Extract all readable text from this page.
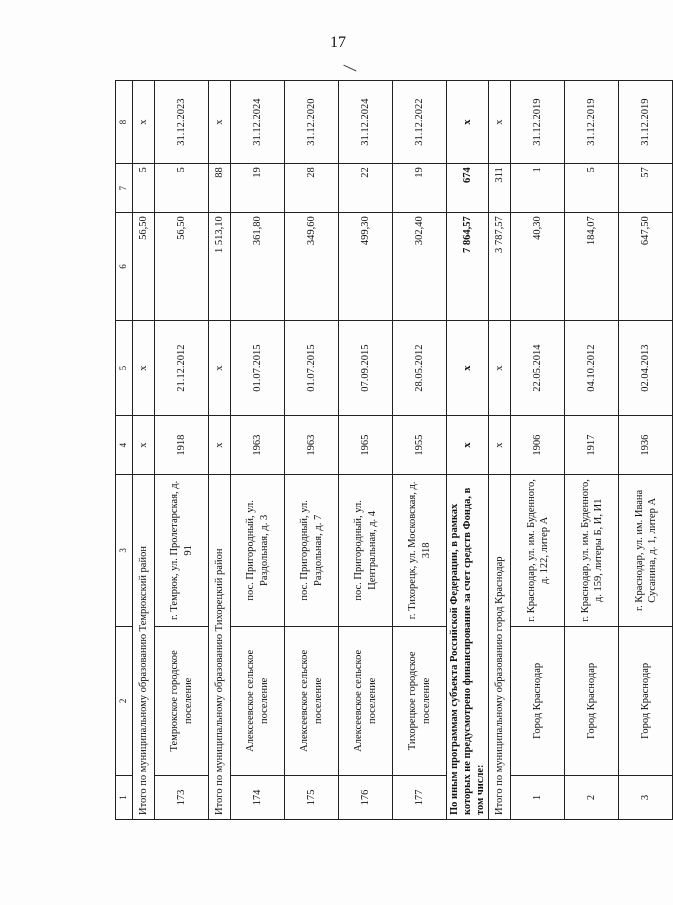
17
1	2	3	4	5	6	7	8
Итого по муниципальному образованию Темрюкский район			x	x	56,50	5	x
173	Темрюкское городское поселение	г. Темрюк, ул. Пролетарская, д. 91	1918	21.12.2012	56,50	5	31.12.2023
Итого по муниципальному образованию Тихорецкий район			x	x	1 513,10	88	x
174	Алексеевское сельское поселение	пос. Пригородный, ул. Раздольная, д. 3	1963	01.07.2015	361,80	19	31.12.2024
175	Алексеевское сельское поселение	пос. Пригородный, ул. Раздольная, д. 7	1963	01.07.2015	349,60	28	31.12.2020
176	Алексеевское сельское поселение	пос. Пригородный, ул. Центральная, д. 4	1965	07.09.2015	499,30	22	31.12.2024
177	Тихорецкое городское поселение	г. Тихорецк, ул. Московская, д. 318	1955	28.05.2012	302,40	19	31.12.2022
По иным программам субъекта Российской Федерации, в рамках которых не предусмотрено финансирование за счет средств Фонда, в том числе:			x	x	7 864,57	674	x
Итого по муниципальному образованию город Краснодар			x	x	3 787,57	311	x
1	Город Краснодар	г. Краснодар, ул. им. Буденного, д. 122, литер А	1906	22.05.2014	40,30	1	31.12.2019
2	Город Краснодар	г. Краснодар, ул. им. Буденного, д. 159, литеры Б, И, И1	1917	04.10.2012	184,07	5	31.12.2019
3	Город Краснодар	г. Краснодар, ул. им. Ивана Сусанина, д. 1, литер А	1936	02.04.2013	647,50	57	31.12.2019
